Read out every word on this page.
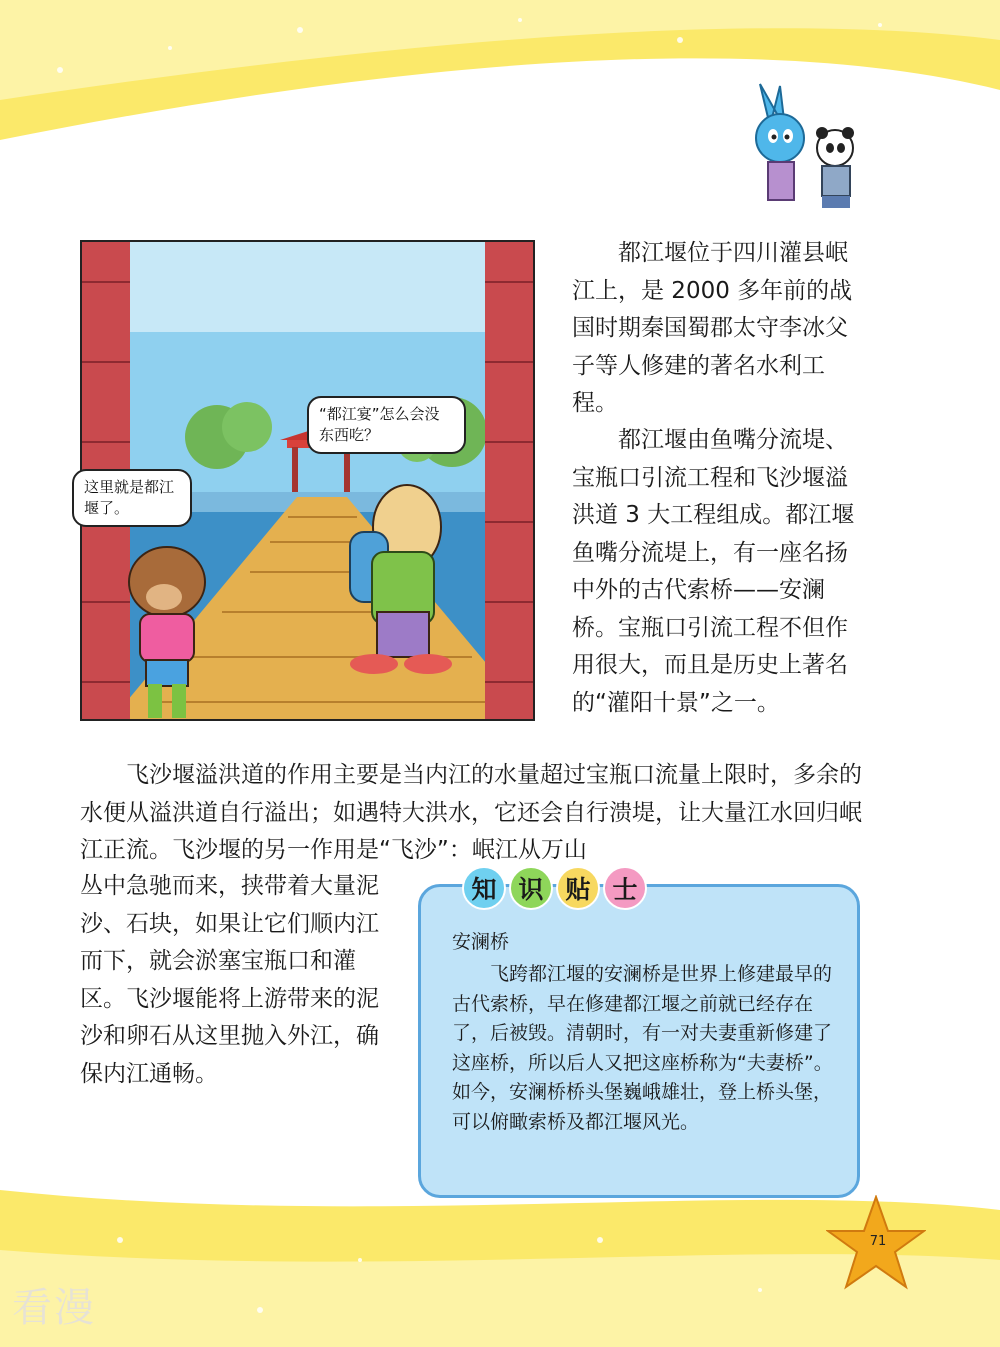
这里就是都江堰了。
“都江宴”怎么会没东西吃？
都江堰位于四川灌县岷江上，是 2000 多年前的战国时期秦国蜀郡太守李冰父子等人修建的著名水利工程。
都江堰由鱼嘴分流堤、宝瓶口引流工程和飞沙堰溢洪道 3 大工程组成。都江堰鱼嘴分流堤上，有一座名扬中外的古代索桥——安澜桥。宝瓶口引流工程不但作用很大，而且是历史上著名的“灌阳十景”之一。
飞沙堰溢洪道的作用主要是当内江的水量超过宝瓶口流量上限时，多余的水便从溢洪道自行溢出；如遇特大洪水，它还会自行溃堤，让大量江水回归岷江正流。飞沙堰的另一作用是“飞沙”：岷江从万山
丛中急驰而来，挟带着大量泥沙、石块，如果让它们顺内江而下，就会淤塞宝瓶口和灌区。飞沙堰能将上游带来的泥沙和卵石从这里抛入外江，确保内江通畅。
知 识 贴 士
安澜桥
飞跨都江堰的安澜桥是世界上修建最早的古代索桥，早在修建都江堰之前就已经存在了，后被毁。清朝时，有一对夫妻重新修建了这座桥，所以后人又把这座桥称为“夫妻桥”。如今，安澜桥桥头堡巍峨雄壮，登上桥头堡，可以俯瞰索桥及都江堰风光。
71
看漫
